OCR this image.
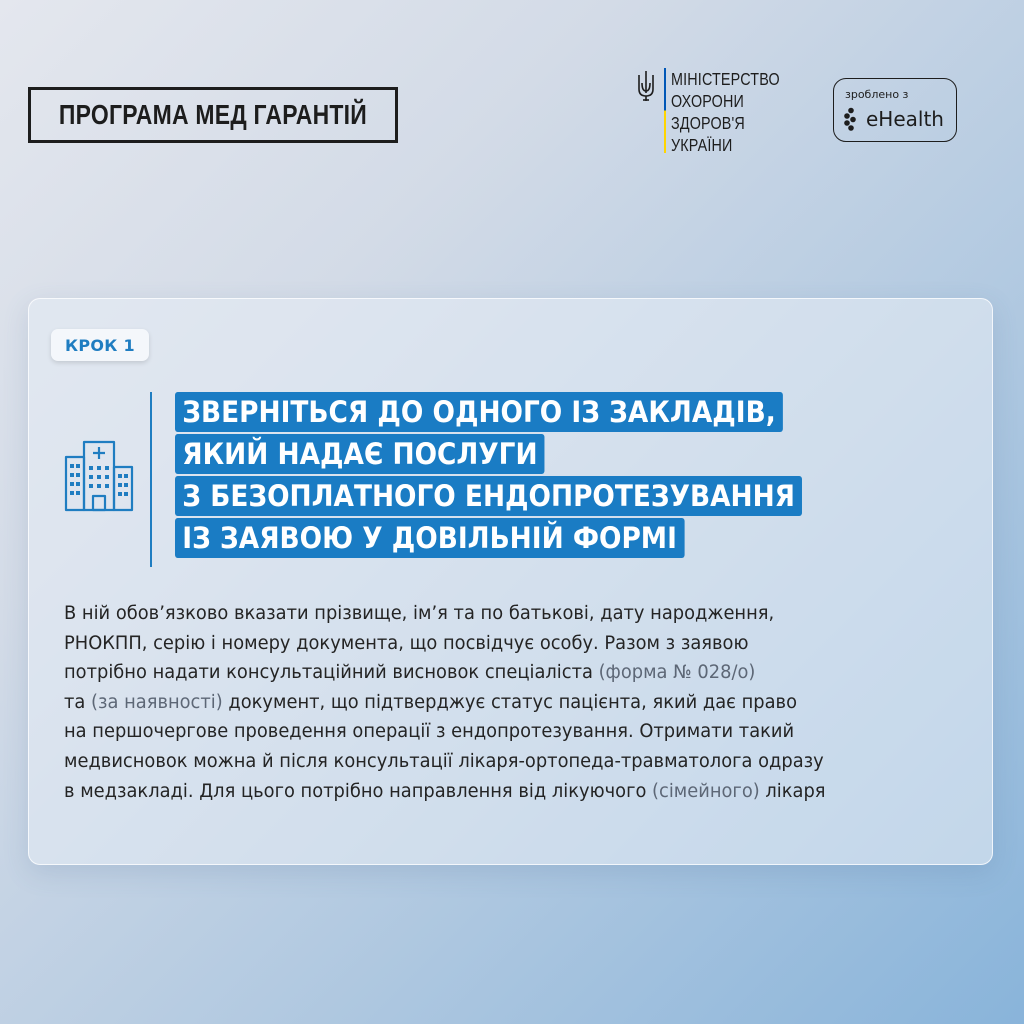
ПРОГРАМА МЕД ГАРАНТІЙ
МІНІСТЕРСТВО
ОХОРОНИ
ЗДОРОВ'Я
УКРАЇНИ
зроблено з
eHealth
КРОК 1
ЗВЕРНІТЬСЯ ДО ОДНОГО ІЗ ЗАКЛАДІВ,
ЯКИЙ НАДАЄ ПОСЛУГИ
З БЕЗОПЛАТНОГО ЕНДОПРОТЕЗУВАННЯ
ІЗ ЗАЯВОЮ У ДОВІЛЬНІЙ ФОРМІ
В ній обов’язково вказати прізвище, ім’я та по батькові, дату народження,
РНОКПП, серію і номеру документа, що посвідчує особу. Разом з заявою
потрібно надати консультаційний висновок спеціаліста (форма № 028/о)
та (за наявності) документ, що підтверджує статус пацієнта, який дає право
на першочергове проведення операції з ендопротезування. Отримати такий
медвисновок можна й після консультації лікаря-ортопеда-травматолога одразу
в медзакладі. Для цього потрібно направлення від лікуючого (сімейного) лікаря
